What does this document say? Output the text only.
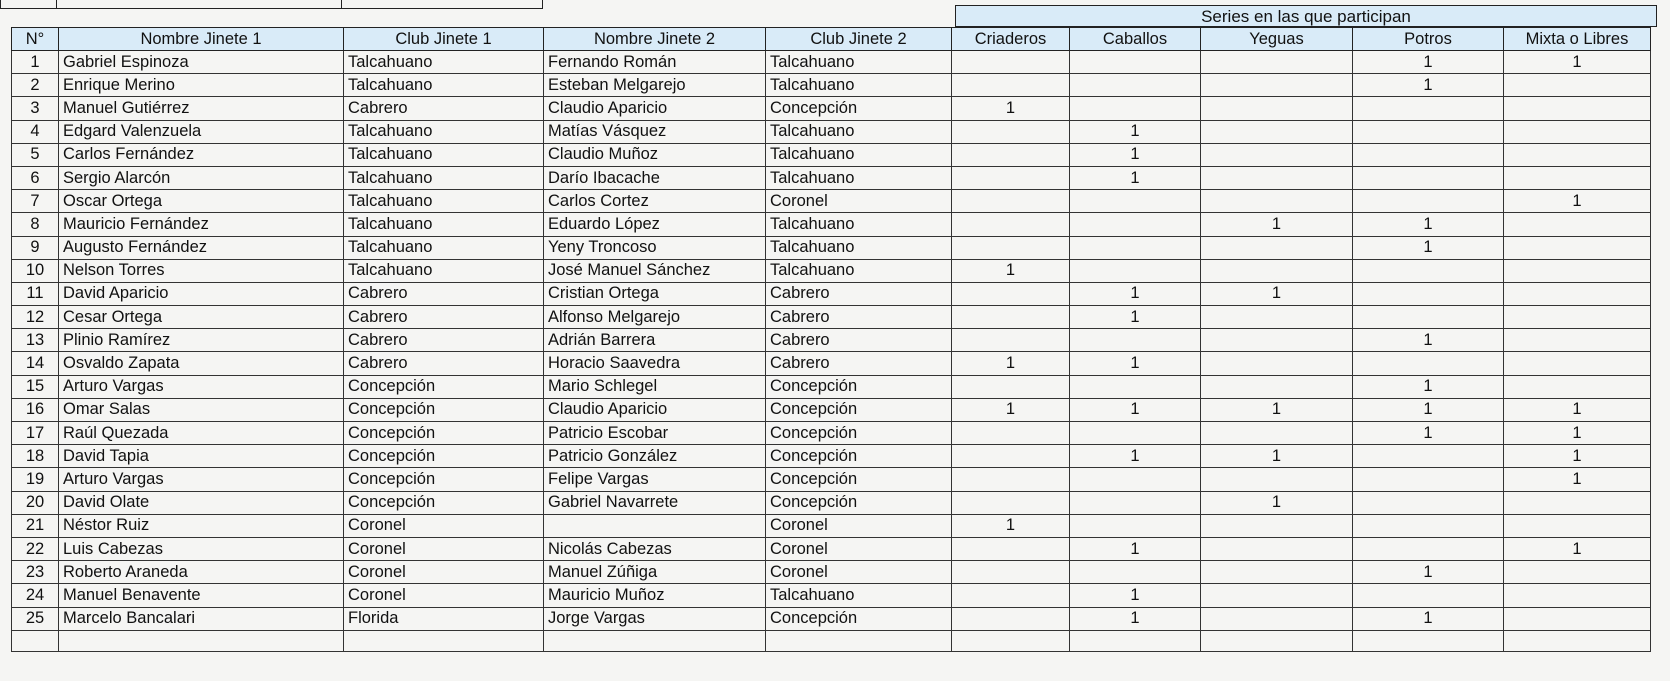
Series en las que participan
N°	Nombre Jinete 1	Club Jinete 1	Nombre Jinete 2	Club Jinete 2	Criaderos	Caballos	Yeguas	Potros	Mixta o Libres
1	Gabriel Espinoza	Talcahuano	Fernando Román	Talcahuano				1	1
2	Enrique Merino	Talcahuano	Esteban Melgarejo	Talcahuano				1	
3	Manuel Gutiérrez	Cabrero	Claudio Aparicio	Concepción	1				
4	Edgard Valenzuela	Talcahuano	Matías Vásquez	Talcahuano		1			
5	Carlos Fernández	Talcahuano	Claudio Muñoz	Talcahuano		1			
6	Sergio Alarcón	Talcahuano	Darío Ibacache	Talcahuano		1			
7	Oscar Ortega	Talcahuano	Carlos Cortez	Coronel					1
8	Mauricio Fernández	Talcahuano	Eduardo López	Talcahuano			1	1	
9	Augusto Fernández	Talcahuano	Yeny Troncoso	Talcahuano				1	
10	Nelson Torres	Talcahuano	José Manuel Sánchez	Talcahuano	1				
11	David Aparicio	Cabrero	Cristian Ortega	Cabrero		1	1		
12	Cesar Ortega	Cabrero	Alfonso Melgarejo	Cabrero		1			
13	Plinio Ramírez	Cabrero	Adrián Barrera	Cabrero				1	
14	Osvaldo Zapata	Cabrero	Horacio Saavedra	Cabrero	1	1			
15	Arturo Vargas	Concepción	Mario Schlegel	Concepción				1	
16	Omar Salas	Concepción	Claudio Aparicio	Concepción	1	1	1	1	1
17	Raúl Quezada	Concepción	Patricio Escobar	Concepción				1	1
18	David Tapia	Concepción	Patricio González	Concepción		1	1		1
19	Arturo Vargas	Concepción	Felipe Vargas	Concepción					1
20	David Olate	Concepción	Gabriel Navarrete	Concepción			1		
21	Néstor Ruiz	Coronel		Coronel	1				
22	Luis Cabezas	Coronel	Nicolás Cabezas	Coronel		1			1
23	Roberto Araneda	Coronel	Manuel Zúñiga	Coronel				1	
24	Manuel Benavente	Coronel	Mauricio Muñoz	Talcahuano		1			
25	Marcelo Bancalari	Florida	Jorge Vargas	Concepción		1		1	
